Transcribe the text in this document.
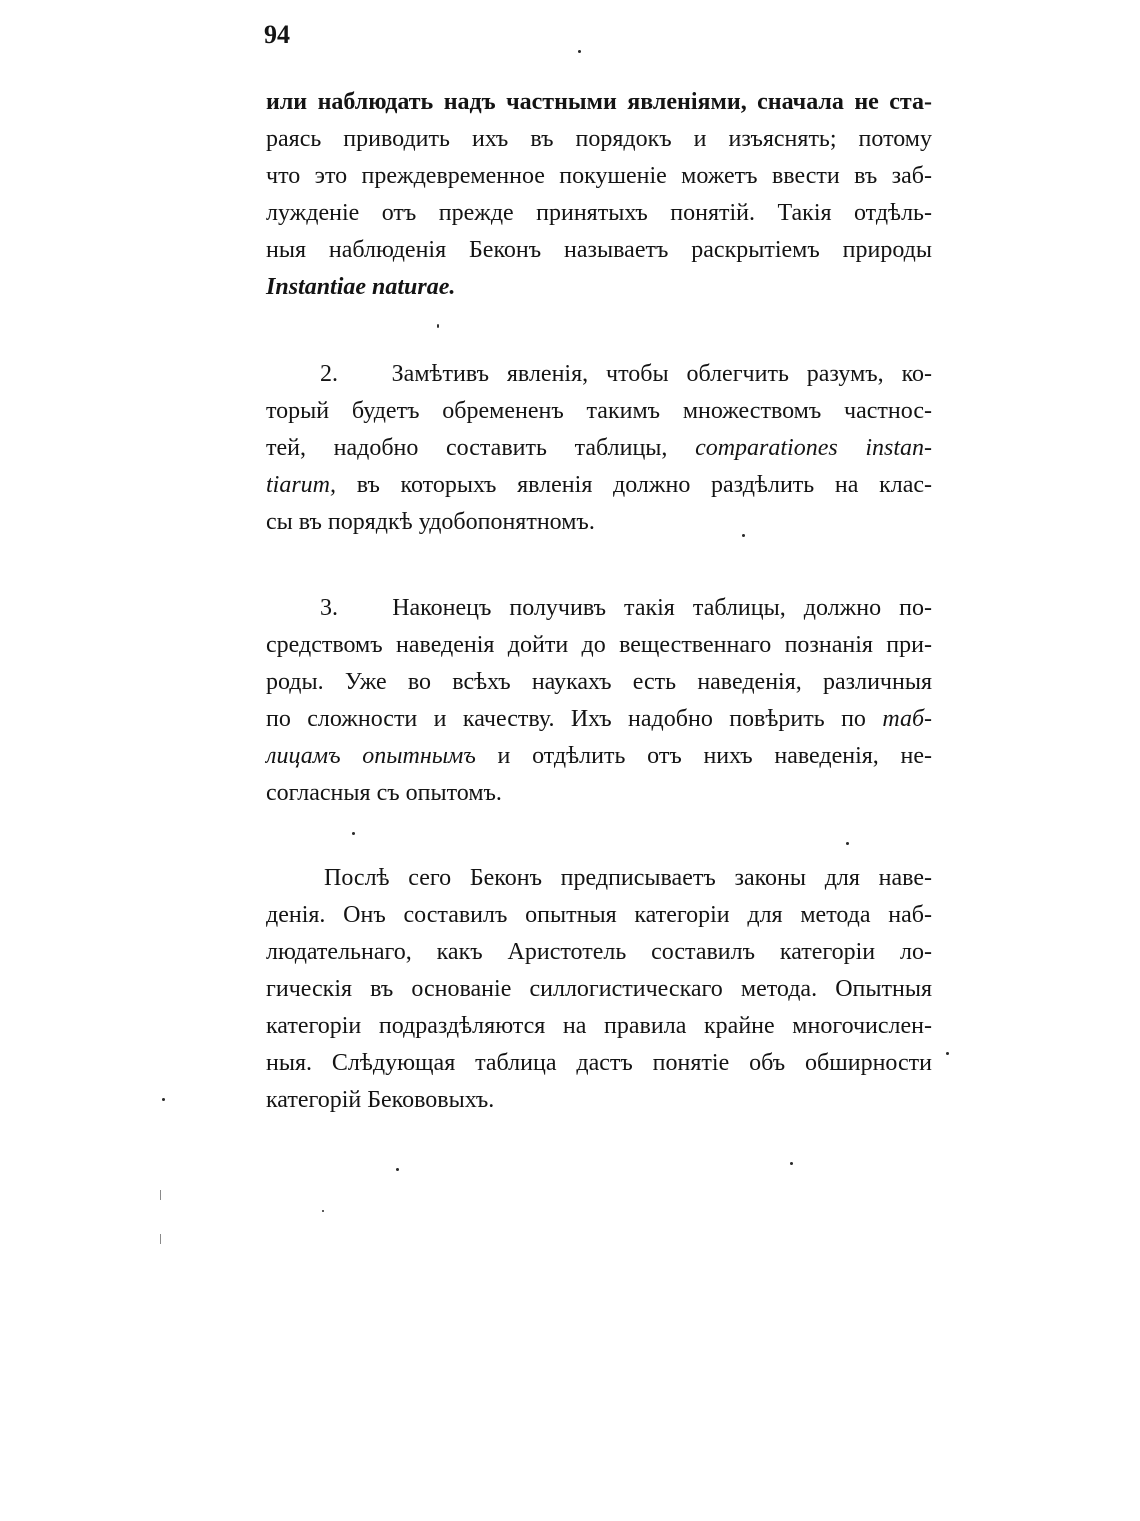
94
или наблюдать надъ частными явленіями, сначала не ста-
раясь приводить ихъ въ порядокъ и изъяснять; потому
что это преждевременное покушеніе можетъ ввести въ заб-
лужденіе отъ прежде принятыхъ понятій. Такія отдѣль-
ныя наблюденія Беконъ называетъ раскрытіемъ природы
Instantiae naturae.
2. Замѣтивъ явленія, чтобы облегчить разумъ, ко-
торый будетъ обремененъ такимъ множествомъ частнос-
тей, надобно составить таблицы, comparationes instan-
tiarum, въ которыхъ явленія должно раздѣлить на клас-
сы въ порядкѣ удобопонятномъ.
3. Наконецъ получивъ такія таблицы, должно по-
средствомъ наведенія дойти до вещественнаго познанія при-
роды. Уже во всѣхъ наукахъ есть наведенія, различныя
по сложности и качеству. Ихъ надобно повѣрить по таб-
лицамъ опытнымъ и отдѣлить отъ нихъ наведенія, не-
согласныя съ опытомъ.
Послѣ сего Беконъ предписываетъ законы для наве-
денія. Онъ составилъ опытныя категоріи для метода наб-
людательнаго, какъ Аристотель составилъ категоріи ло-
гическія въ основаніе силлогистическаго метода. Опытныя
категоріи подраздѣляются на правила крайне многочислен-
ныя. Слѣдующая таблица дастъ понятіе объ обширности
категорій Бекововыхъ.
